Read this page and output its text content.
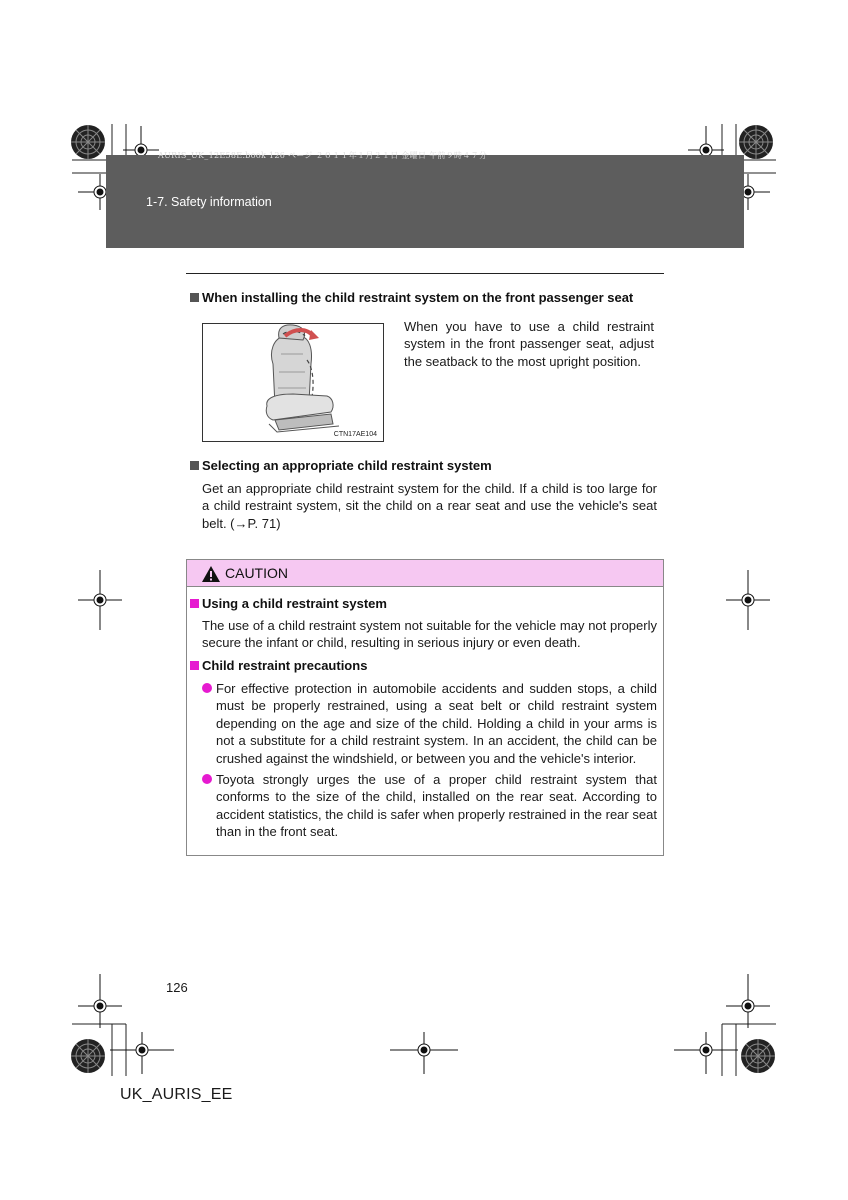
AURIS_UK_12E58E.book 126 ページ ２０１１年１月２１日 金曜日 午前９時４７分
1-7. Safety information
When installing the child restraint system on the front passenger seat
CTN17AE104
When you have to use a child restraint system in the front passenger seat, adjust the seatback to the most upright position.
Selecting an appropriate child restraint system
Get an appropriate child restraint system for the child. If a child is too large for a child restraint system, sit the child on a rear seat and use the vehicle's seat belt. (→P. 71)
CAUTION
Using a child restraint system
The use of a child restraint system not suitable for the vehicle may not properly secure the infant or child, resulting in serious injury or even death.
Child restraint precautions
For effective protection in automobile accidents and sudden stops, a child must be properly restrained, using a seat belt or child restraint system depending on the age and size of the child. Holding a child in your arms is not a substitute for a child restraint system. In an accident, the child can be crushed against the windshield, or between you and the vehicle's interior.
Toyota strongly urges the use of a proper child restraint system that conforms to the size of the child, installed on the rear seat. According to accident statistics, the child is safer when properly restrained in the rear seat than in the front seat.
126
UK_AURIS_EE
